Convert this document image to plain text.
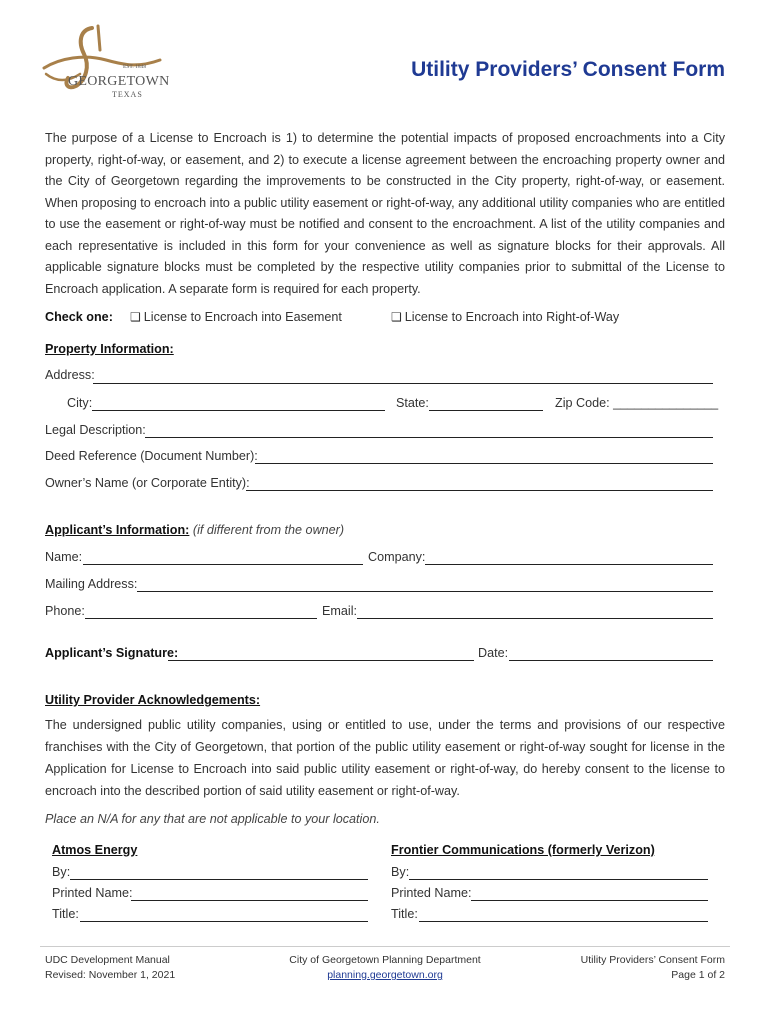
EST. 1848
GEORGETOWN
TEXAS
Utility Providers’ Consent Form
The purpose of a License to Encroach is 1) to determine the potential impacts of proposed encroachments into a City property, right-of-way, or easement, and 2) to execute a license agreement between the encroaching property owner and the City of Georgetown regarding the improvements to be constructed in the City property, right-of-way, or easement. When proposing to encroach into a public utility easement or right-of-way, any additional utility companies who are entitled to use the easement or right-of-way must be notified and consent to the encroachment. A list of the utility companies and each representative is included in this form for your convenience as well as signature blocks for their approvals. All applicable signature blocks must be completed by the respective utility companies prior to submittal of the License to Encroach application. A separate form is required for each property.
Check one: ❑ License to Encroach into Easement	❑ License to Encroach into Right-of-Way
Property Information:
Address:
City:	State:	Zip Code: _______________
Legal Description:
Deed Reference (Document Number):
Owner’s Name (or Corporate Entity):
Applicant’s Information: (if different from the owner)
Name:	Company:
Mailing Address:
Phone:	Email:
Applicant’s Signature:	Date:
Utility Provider Acknowledgements:
The undersigned public utility companies, using or entitled to use, under the terms and provisions of our respective franchises with the City of Georgetown, that portion of the public utility easement or right-of-way sought for license in the Application for License to Encroach into said public utility easement or right-of-way, do hereby consent to the license to encroach into the described portion of said utility easement or right-of-way.
Place an N/A for any that are not applicable to your location.
Atmos Energy
By:
Printed Name:
Title:
Frontier Communications (formerly Verizon)
By:
Printed Name:
Title:
UDC Development Manual
Revised: November 1, 2021
City of Georgetown Planning Department
planning.georgetown.org
Utility Providers’ Consent Form
Page 1 of 2
